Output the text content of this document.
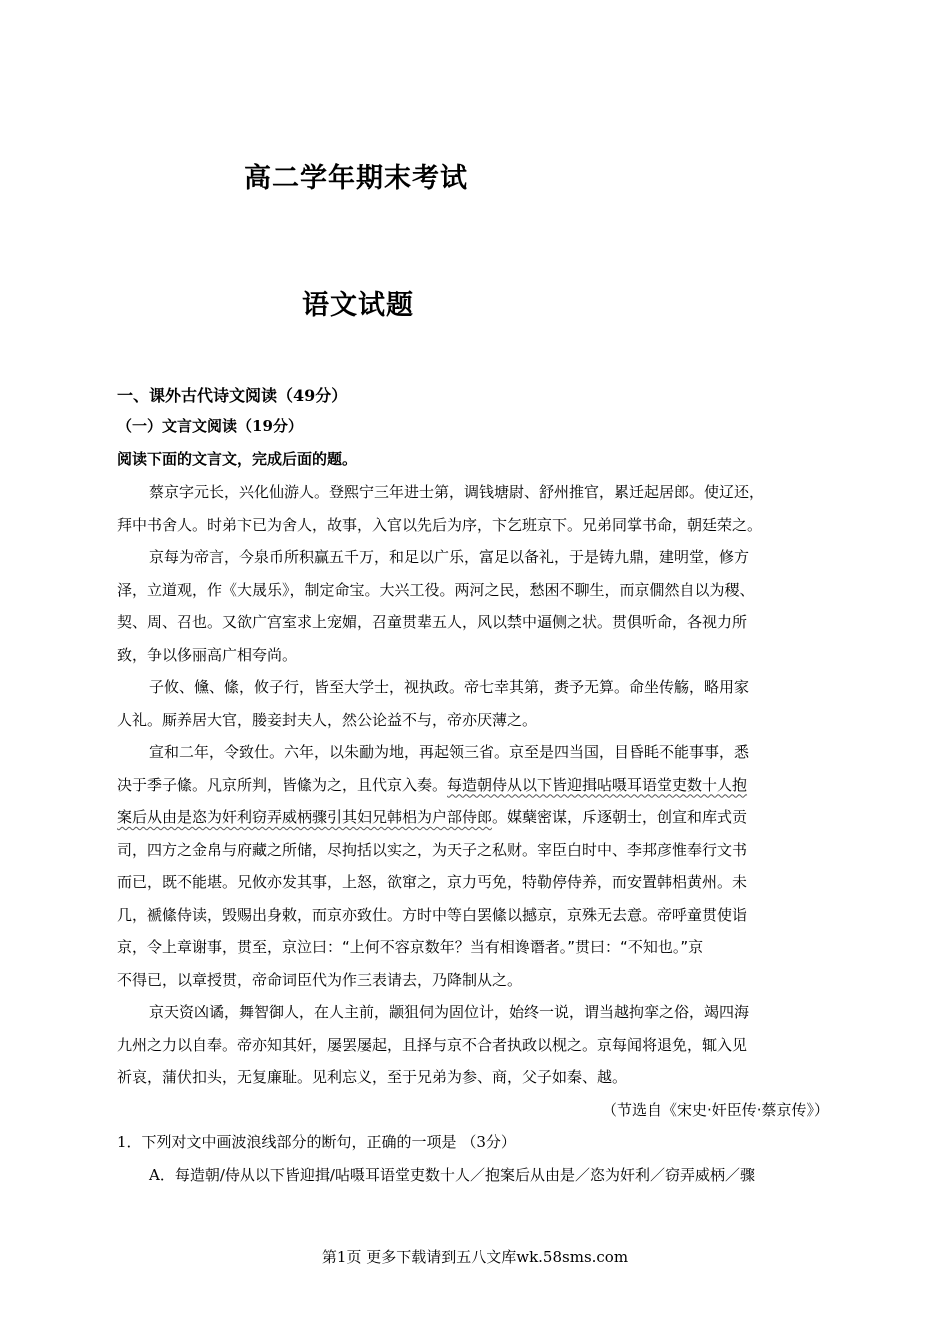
高二学年期末考试
语文试题
一、课外古代诗文阅读（49分）
（一）文言文阅读（19分）
阅读下面的文言文，完成后面的题。
蔡京字元长，兴化仙游人。登熙宁三年进士第，调钱塘尉、舒州推官，累迁起居郎。使辽还，
拜中书舍人。时弟卞已为舍人，故事，入官以先后为序，卞乞班京下。兄弟同掌书命，朝廷荣之。
京每为帝言，今泉币所积赢五千万，和足以广乐，富足以备礼，于是铸九鼎，建明堂，修方
泽，立道观，作《大晟乐》，制定命宝。大兴工役。两河之民，愁困不聊生，而京僩然自以为稷、
契、周、召也。又欲广宫室求上宠媚，召童贯辈五人，风以禁中逼侧之状。贯俱听命，各视力所
致，争以侈丽高广相夸尚。
子攸、儵、絛，攸子行，皆至大学士，视执政。帝七幸其第，赉予无算。命坐传觞，略用家
人礼。厮养居大官，媵妾封夫人，然公论益不与，帝亦厌薄之。
宣和二年，令致仕。六年，以朱勔为地，再起领三省。京至是四当国，目昏眊不能事事，悉
决于季子絛。凡京所判，皆絛为之，且代京入奏。每造朝侍从以下皆迎揖呫嗫耳语堂吏数十人抱
案后从由是恣为奸利窃弄威柄骤引其妇兄韩梠为户部侍郎。媒蘖密谋，斥逐朝士，创宣和库式贡
司，四方之金帛与府藏之所储，尽拘括以实之，为天子之私财。宰臣白时中、李邦彦惟奉行文书
而已，既不能堪。兄攸亦发其事，上怒，欲窜之，京力丐免，特勒停侍养，而安置韩梠黄州。未
几，褫絛侍读，毁赐出身敕，而京亦致仕。方时中等白罢絛以撼京，京殊无去意。帝呼童贯使诣
京，令上章谢事，贯至，京泣曰：“上何不容京数年？当有相谗谮者。”贯曰：“不知也。”京
不得已，以章授贯，帝命词臣代为作三表请去，乃降制从之。
京天资凶谲，舞智御人，在人主前，颛狙伺为固位计，始终一说，谓当越拘挛之俗，竭四海
九州之力以自奉。帝亦知其奸，屡罢屡起，且择与京不合者执政以枧之。京每闻将退免，辄入见
祈哀，蒲伏扣头，无复廉耻。见利忘义，至于兄弟为参、商，父子如秦、越。
（节选自《宋史·奸臣传·蔡京传》）
1．下列对文中画波浪线部分的断句，正确的一项是 （3分）
A．每造朝/侍从以下皆迎揖/呫嗫耳语堂吏数十人／抱案后从由是／恣为奸利／窃弄威柄／骤
第1页 更多下载请到五八文库wk.58sms.com
